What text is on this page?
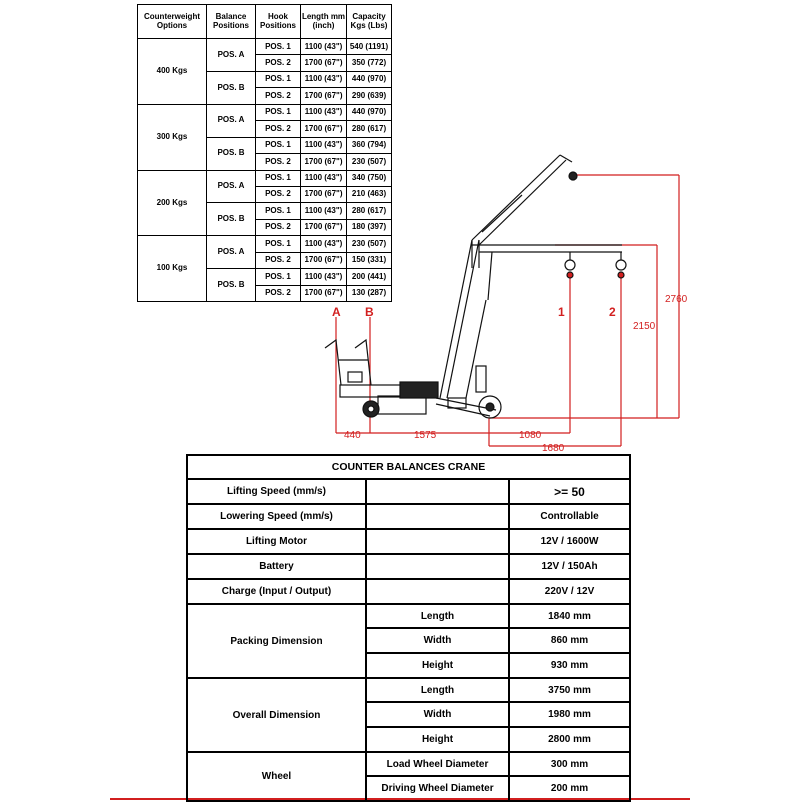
Counterweight Options	Balance Positions	Hook Positions	Length mm (inch)	Capacity Kgs (Lbs)
400 Kgs	POS. A	POS. 1	1100 (43")	540 (1191)
		POS. 2	1700 (67")	350 (772)
	POS. B	POS. 1	1100 (43")	440 (970)
		POS. 2	1700 (67")	290 (639)
300 Kgs	POS. A	POS. 1	1100 (43")	440 (970)
		POS. 2	1700 (67")	280 (617)
	POS. B	POS. 1	1100 (43")	360 (794)
		POS. 2	1700 (67")	230 (507)
200 Kgs	POS. A	POS. 1	1100 (43")	340 (750)
		POS. 2	1700 (67")	210 (463)
	POS. B	POS. 1	1100 (43")	280 (617)
		POS. 2	1700 (67")	180 (397)
100 Kgs	POS. A	POS. 1	1100 (43")	230 (507)
		POS. 2	1700 (67")	150 (331)
	POS. B	POS. 1	1100 (43")	200 (441)
		POS. 2	1700 (67")	130 (287)
A B	1	2
440	1575	1080
1680
2150
2760
COUNTER BALANCES CRANE		
Lifting Speed (mm/s)		>= 50
Lowering Speed (mm/s)		Controllable
Lifting Motor		12V / 1600W
Battery		12V / 150Ah
Charge (Input / Output)		220V / 12V
Packing Dimension	Length	1840 mm
	Width	860 mm
	Height	930 mm
Overall Dimension	Length	3750 mm
	Width	1980 mm
	Height	2800 mm
Wheel	Load Wheel Diameter	300 mm
	Driving Wheel Diameter	200 mm
